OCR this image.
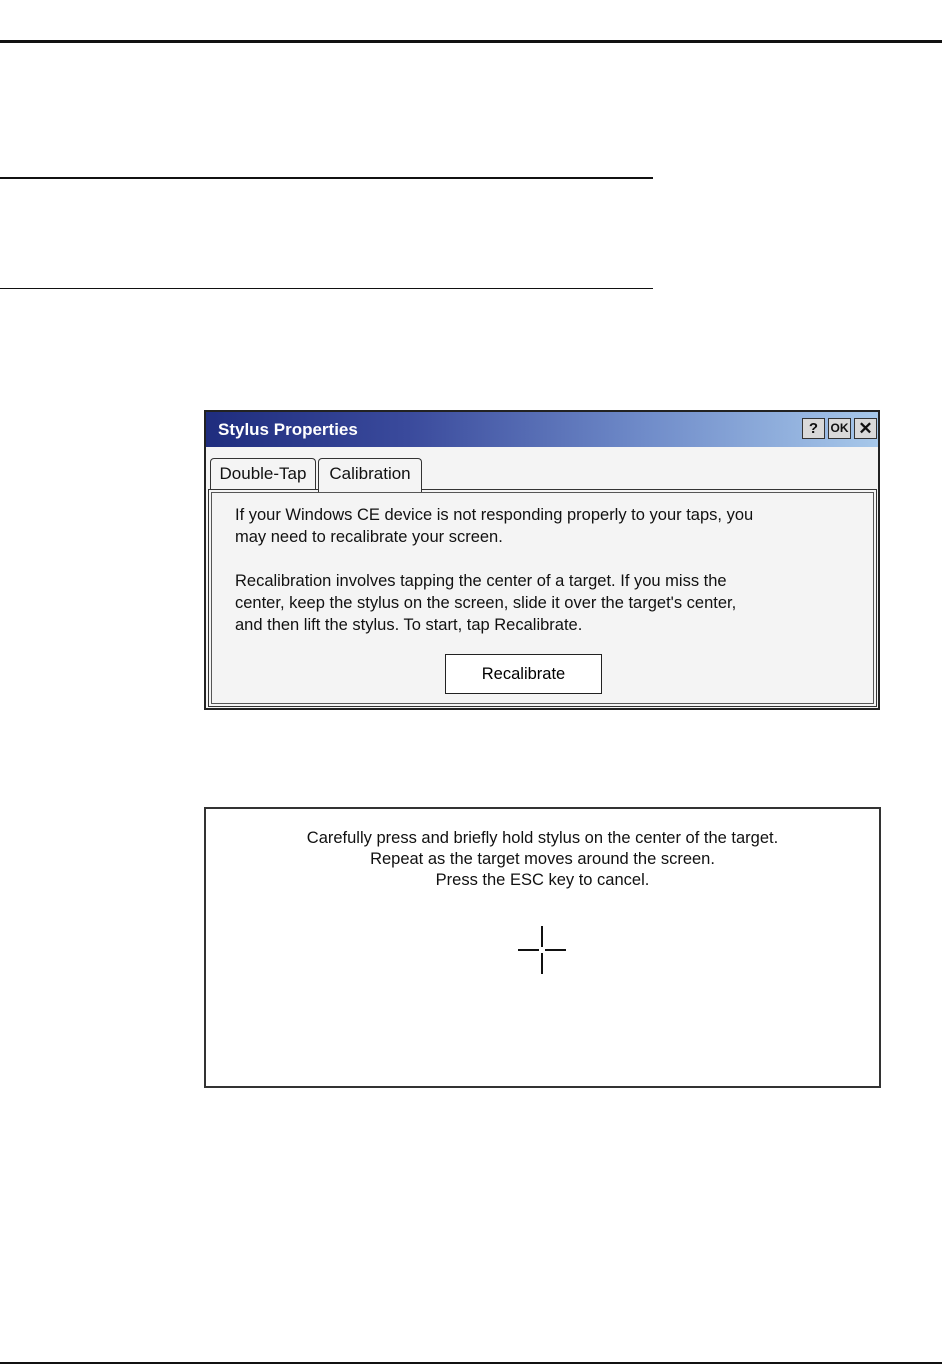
Stylus Properties	?	OK ✕
Double-Tap	Calibration

If your Windows CE device is not responding properly to your taps, you
may need to recalibrate your screen.

Recalibration involves tapping the center of a target. If you miss the
center, keep the stylus on the screen, slide it over the target's center,
and then lift the stylus. To start, tap Recalibrate.

Recalibrate
Carefully press and briefly hold stylus on the center of the target.
Repeat as the target moves around the screen.
Press the ESC key to cancel.
